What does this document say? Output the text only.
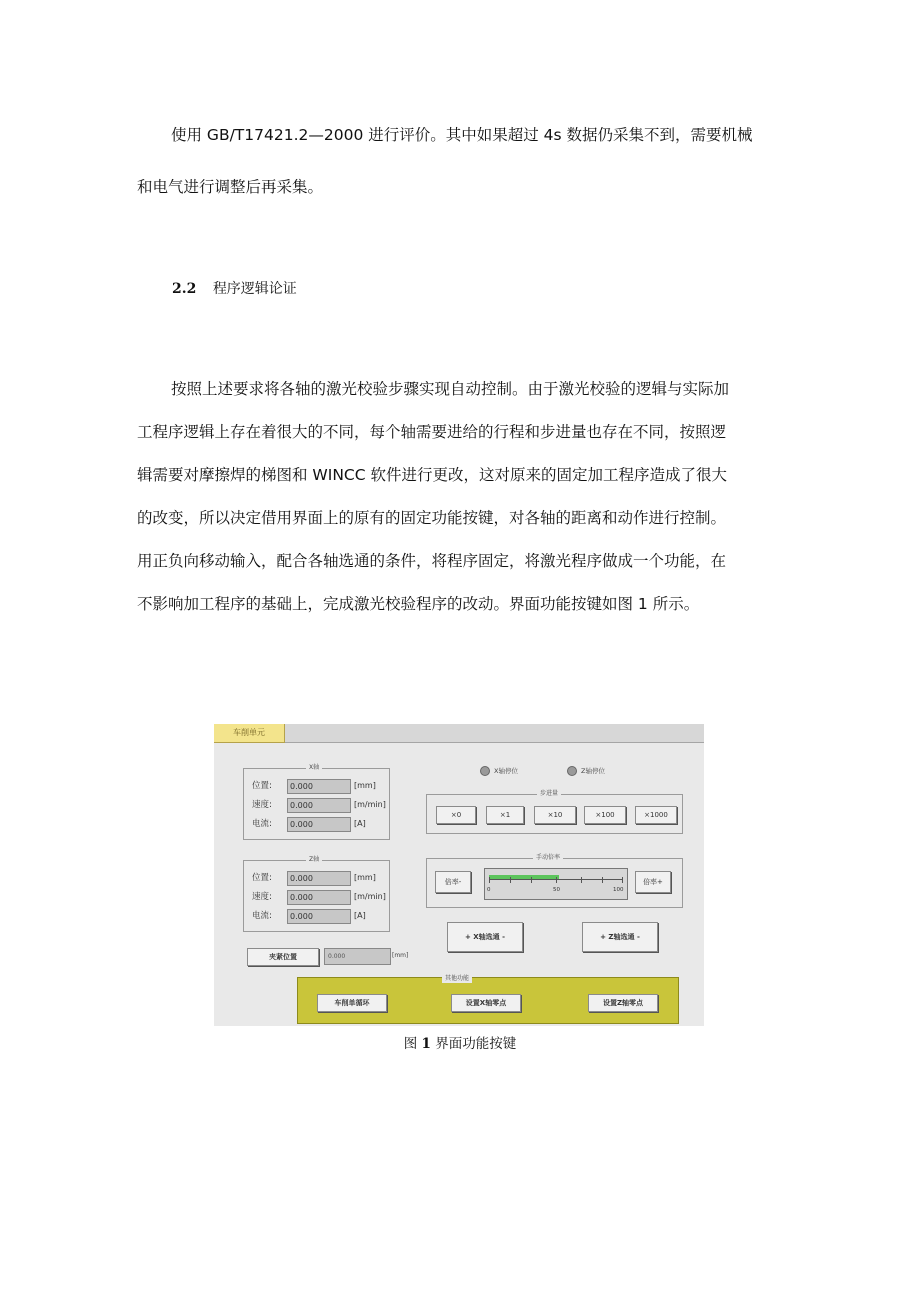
使用 GB/T17421.2—2000 进行评价。其中如果超过 4s 数据仍采集不到，需要机械
和电气进行调整后再采集。
2.2 程序逻辑论证
按照上述要求将各轴的激光校验步骤实现自动控制。由于激光校验的逻辑与实际加
工程序逻辑上存在着很大的不同，每个轴需要进给的行程和步进量也存在不同，按照逻
辑需要对摩擦焊的梯图和 WINCC 软件进行更改，这对原来的固定加工程序造成了很大
的改变，所以决定借用界面上的原有的固定功能按键，对各轴的距离和动作进行控制。
用正负向移动输入，配合各轴选通的条件，将程序固定，将激光程序做成一个功能，在
不影响加工程序的基础上，完成激光校验程序的改动。界面功能按键如图 1 所示。
车削单元
X轴
位置:	0.000	[mm]
速度:	0.000	[m/min]
电流:	0.000	[A]
Z轴
位置:	0.000	[mm]
速度:	0.000	[m/min]
电流:	0.000	[A]
夹紧位置	0.000	[mm]
X轴停位	Z轴停位
步进量
×0	×1	×10	×100	×1000
手动倍率
倍率-	倍率+
0	50	100
+ X轴选通 -	+ Z轴选通 -
车削单循环	设置X轴零点	设置Z轴零点
其他功能
图 1 界面功能按键
